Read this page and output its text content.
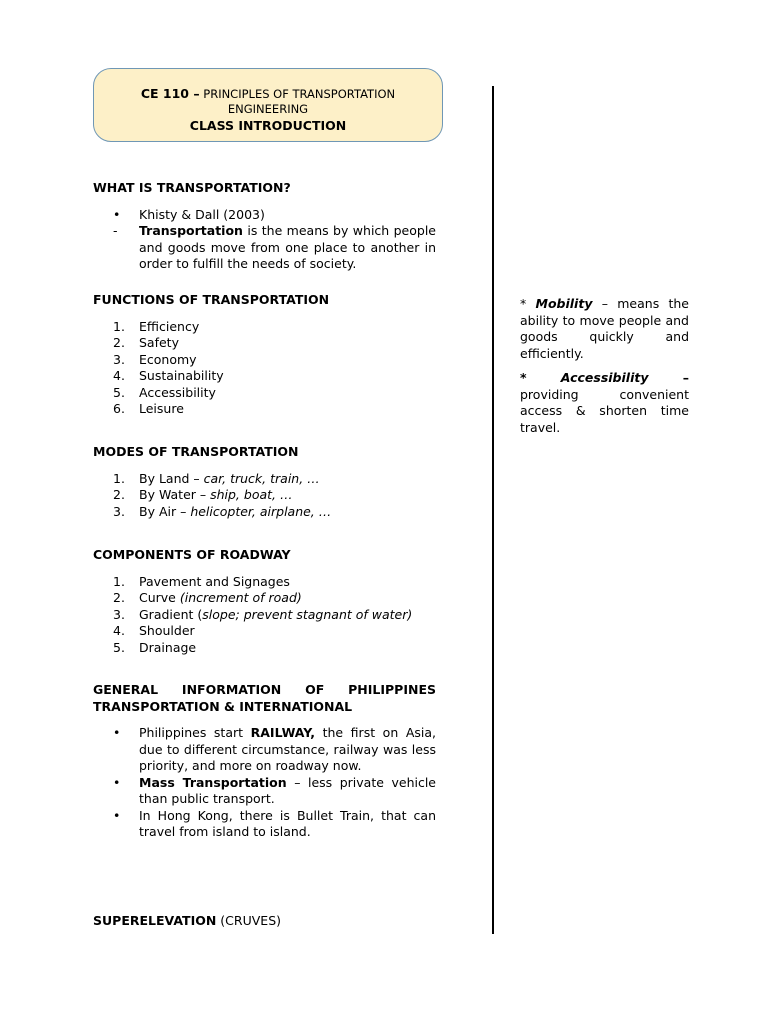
CE 110 – PRINCIPLES OF TRANSPORTATION
ENGINEERING
CLASS INTRODUCTION
WHAT IS TRANSPORTATION?
• Khisty & Dall (2003)
- Transportation is the means by which people and goods move from one place to another in order to fulfill the needs of society.
FUNCTIONS OF TRANSPORTATION
1. Efficiency
2. Safety
3. Economy
4. Sustainability
5. Accessibility
6. Leisure
MODES OF TRANSPORTATION
1. By Land – car, truck, train, …
2. By Water – ship, boat, …
3. By Air – helicopter, airplane, …
COMPONENTS OF ROADWAY
1. Pavement and Signages
2. Curve (increment of road)
3. Gradient (slope; prevent stagnant of water)
4. Shoulder
5. Drainage
GENERAL INFORMATION OF PHILIPPINES TRANSPORTATION & INTERNATIONAL
• Philippines start RAILWAY, the first on Asia, due to different circumstance, railway was less priority, and more on roadway now.
• Mass Transportation – less private vehicle than public transport.
• In Hong Kong, there is Bullet Train, that can travel from island to island.
SUPERELEVATION (CRUVES)

* Mobility – means the ability to move people and goods quickly and efficiently.

* Accessibility – providing convenient access & shorten time travel.
